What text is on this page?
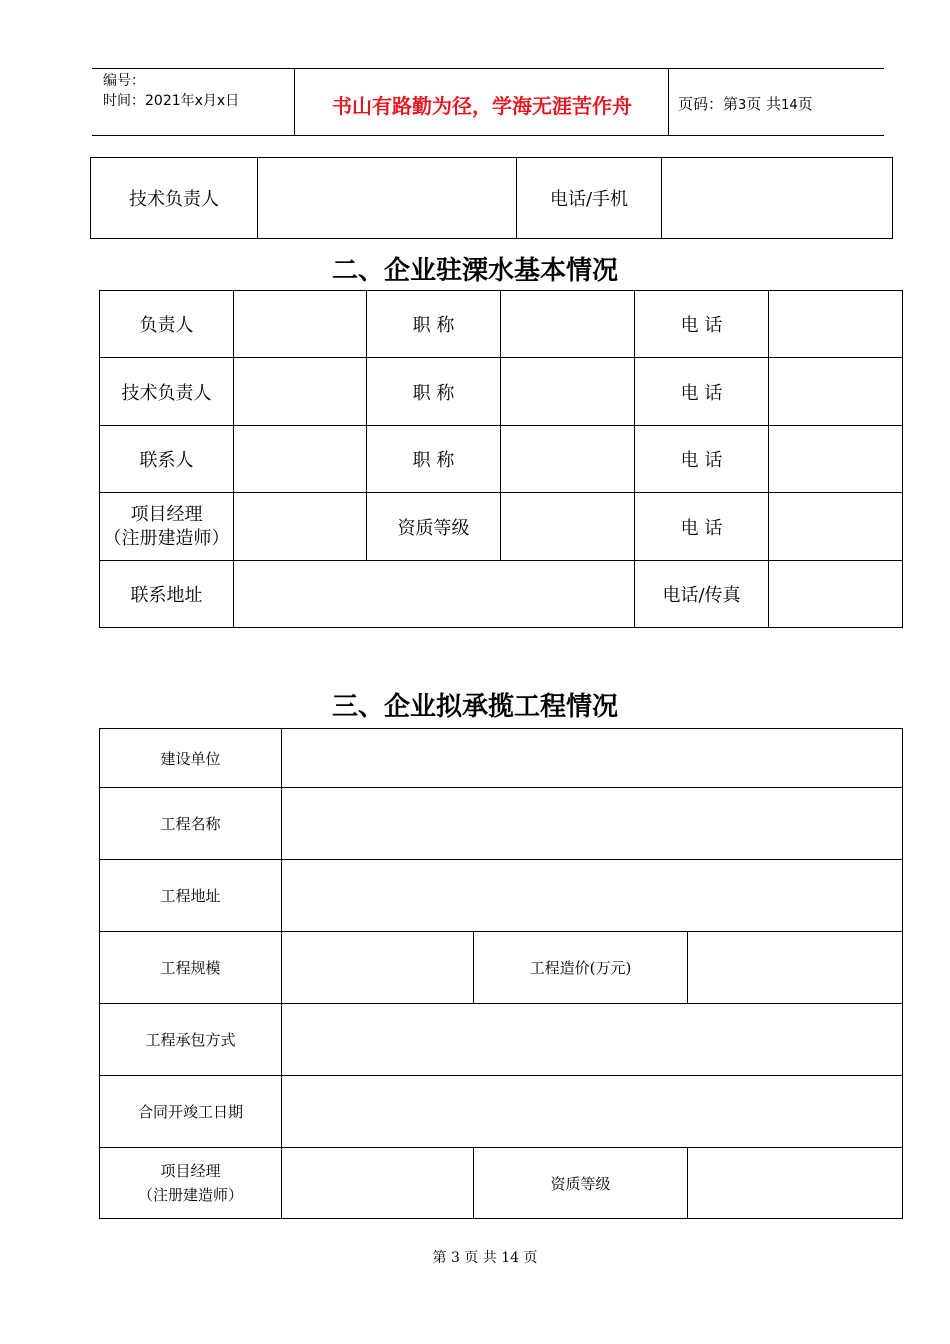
编号：
时间：2021年x月x日	书山有路勤为径，学海无涯苦作舟	页码：第3页 共14页
技术负责人		电话/手机	
二、企业驻溧水基本情况
负责人		职 称		电 话	
技术负责人		职 称		电 话	
联系人		职 称		电 话	

项目经理
（注册建造师）		资质等级		电 话	
联系地址				电话/传真	
三、企业拟承揽工程情况
建设单位			
工程名称			
工程地址			
工程规模		工程造价(万元)	
工程承包方式			
合同开竣工日期			

项目经理
（注册建造师）		资质等级	
第 3 页 共 14 页
